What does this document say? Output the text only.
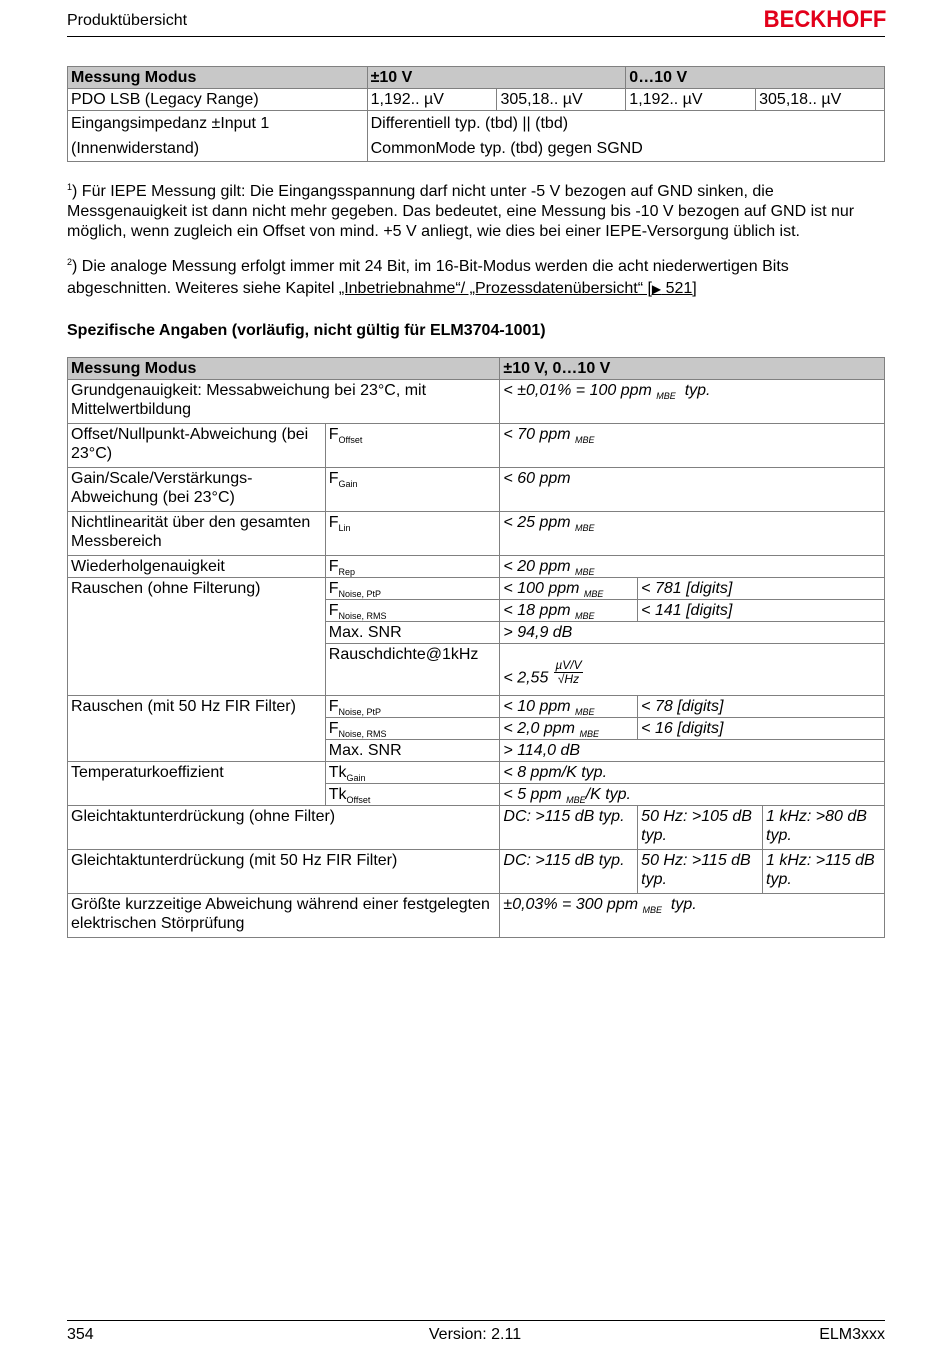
Produktübersicht	BECKHOFF
Messung Modus	±10 V		0…10 V	
PDO LSB (Legacy Range)	1,192.. µV	305,18.. µV	1,192.. µV	305,18.. µV
Eingangsimpedanz ±Input 1	Differentiell typ. (tbd) || (tbd)			
(Innenwiderstand)	CommonMode typ. (tbd) gegen SGND			
$^1$) Für IEPE Messung gilt: Die Eingangsspannung darf nicht unter -5 V bezogen auf GND sinken, die Messgenauigkeit ist dann nicht mehr gegeben. Das bedeutet, eine Messung bis -10 V bezogen auf GND ist nur möglich, wenn zugleich ein Offset von mind. +5 V anliegt, wie dies bei einer IEPE-Versorgung üblich ist.
$^2$) Die analoge Messung erfolgt immer mit 24 Bit, im 16-Bit-Modus werden die acht niederwertigen Bits abgeschnitten. Weiteres siehe Kapitel „Inbetriebnahme“/ „Prozessdatenübersicht“ [▶ 521]
Spezifische Angaben (vorläufig, nicht gültig für ELM3704-1001)
Messung Modus		±10 V, 0…10 V		
Grundgenauigkeit: Messabweichung bei 23°C, mit Mittelwertbildung		< ±0,01% = 100 ppm $_{MBE}$ typ.		
Offset/Nullpunkt-Abweichung (bei 23°C)	$F_{Offset}$	< 70 ppm $_{MBE}$
Gain/Scale/Verstärkungs-Abweichung (bei 23°C)	$F_{Gain}$	< 60 ppm		
Nichtlinearität über den gesamten Messbereich	$F_{Lin}$	< 25 ppm $_{MBE}$
Wiederholgenauigkeit	$F_{Rep}$	< 20 ppm $_{MBE}$
Rauschen (ohne Filterung)	$F_{Noise, PtP}$	< 100 ppm $_{MBE}$	< 781 [digits]	
	$F_{Noise, RMS}$	< 18 ppm $_{MBE}$	< 141 [digits]	
	Max. SNR	> 94,9 dB		
	Rauschdichte@1kHz	< $2,55 \frac{\text{µV/V}}{√Hz}$

Rauschen (mit 50 Hz FIR Filter)	$F_{Noise, PtP}$	< 10 ppm $_{MBE}$	< 78 [digits]	
	$F_{Noise, RMS}$	< 2,0 ppm $_{MBE}$	< 16 [digits]	
	Max. SNR	> 114,0 dB		
Temperaturkoeffizient	$Tk_{Gain}$	< 8 ppm/K typ.		
	$Tk_{Offset}$	< 5 ppm $_{MBE}$/K typ.		
Gleichtaktunterdrückung (ohne Filter)		DC: >115 dB typ.	50 Hz: >105 dB typ.	1 kHz: >80 dB typ.
Gleichtaktunterdrückung (mit 50 Hz FIR Filter)		DC: >115 dB typ.	50 Hz: >115 dB typ.	1 kHz: >115 dB typ.
Größte kurzzeitige Abweichung während einer festgelegten elektrischen Störprüfung		±0,03% = 300 ppm $_{MBE}$ typ.		
354	Version: 2.11	ELM3xxx
